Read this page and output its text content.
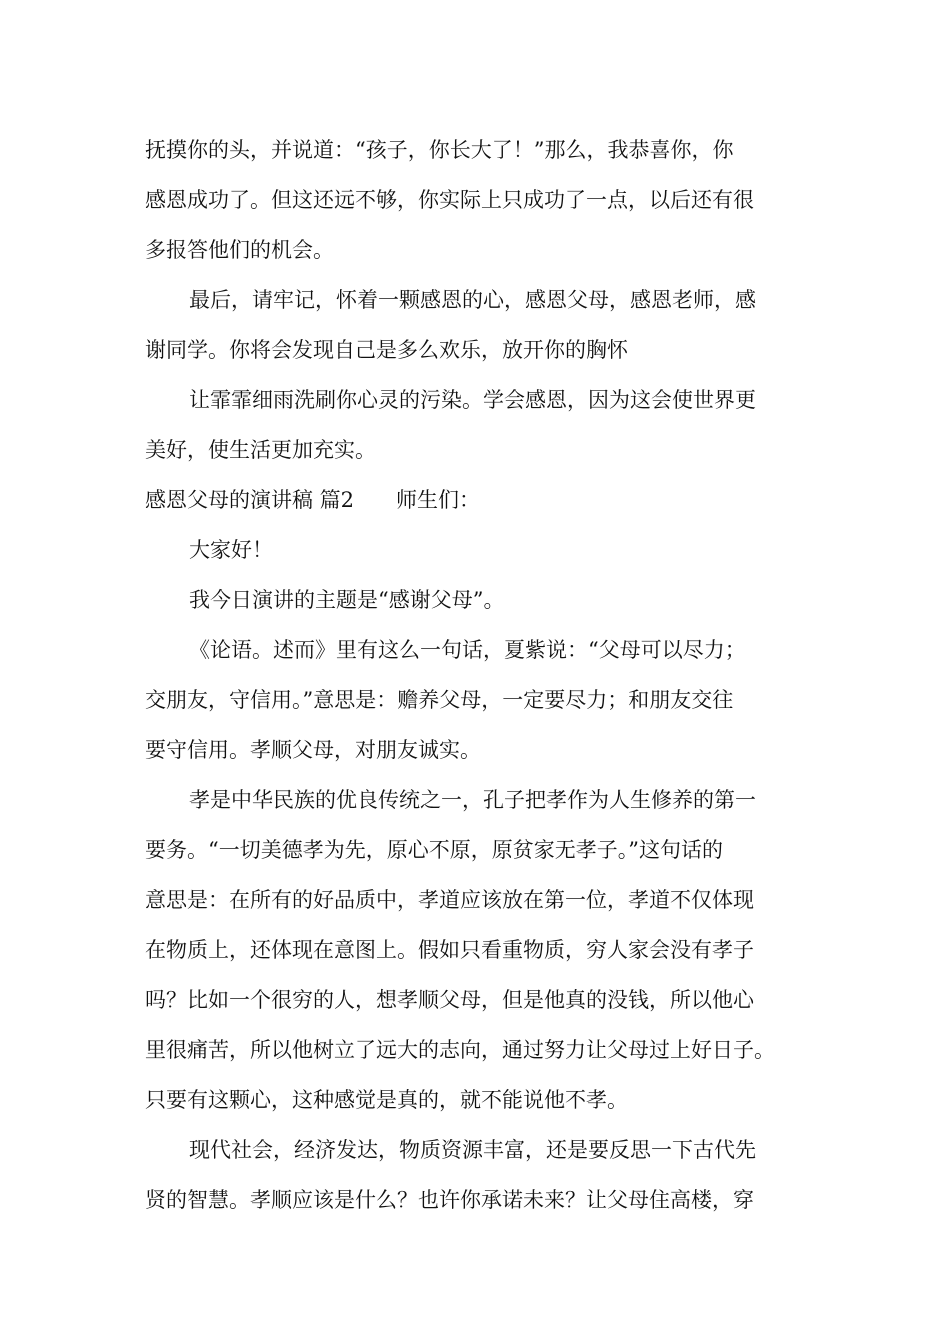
抚摸你的头，并说道：“孩子，你长大了！”那么，我恭喜你，你
感恩成功了。但这还远不够，你实际上只成功了一点，以后还有很
多报答他们的机会。
最后，请牢记，怀着一颗感恩的心，感恩父母，感恩老师，感
谢同学。你将会发现自己是多么欢乐，放开你的胸怀
让霏霏细雨洗刷你心灵的污染。学会感恩，因为这会使世界更
美好，使生活更加充实。
感恩父母的演讲稿 篇2 师生们：
大家好！
我今日演讲的主题是“感谢父母”。
《论语。述而》里有这么一句话，夏紫说：“父母可以尽力；
交朋友，守信用。”意思是：赡养父母，一定要尽力；和朋友交往
要守信用。孝顺父母，对朋友诚实。
孝是中华民族的优良传统之一，孔子把孝作为人生修养的第一
要务。“一切美德孝为先，原心不原，原贫家无孝子。”这句话的
意思是：在所有的好品质中，孝道应该放在第一位，孝道不仅体现
在物质上，还体现在意图上。假如只看重物质，穷人家会没有孝子
吗？比如一个很穷的人，想孝顺父母，但是他真的没钱，所以他心
里很痛苦，所以他树立了远大的志向，通过努力让父母过上好日子。
只要有这颗心，这种感觉是真的，就不能说他不孝。
现代社会，经济发达，物质资源丰富，还是要反思一下古代先
贤的智慧。孝顺应该是什么？也许你承诺未来？让父母住高楼，穿
